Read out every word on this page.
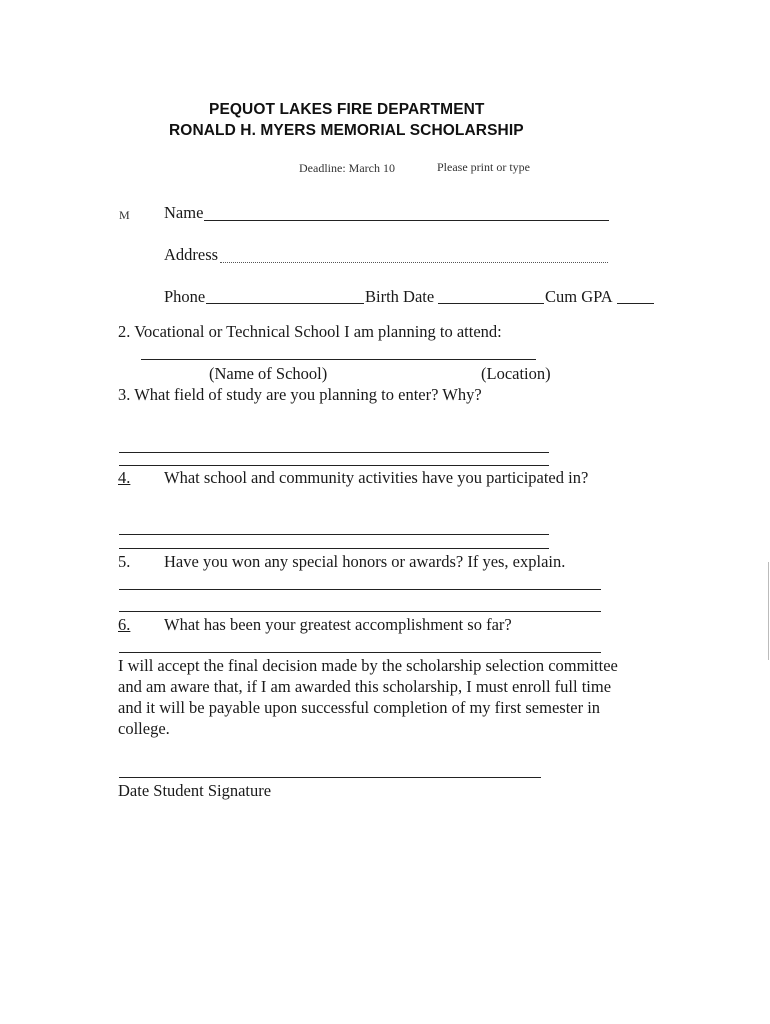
PEQUOT LAKES FIRE DEPARTMENT
RONALD H. MYERS MEMORIAL SCHOLARSHIP
Deadline: March 10	Please print or type
M Name
Address
Phone	Birth Date	Cum GPA
2. Vocational or Technical School I am planning to attend:
(Name of School)	(Location)
3. What field of study are you planning to enter? Why?
4. What school and community activities have you participated in?
5. Have you won any special honors or awards? If yes, explain.
6. What has been your greatest accomplishment so far?
I will accept the final decision made by the scholarship selection committee
and am aware that, if I am awarded this scholarship, I must enroll full time
and it will be payable upon successful completion of my first semester in
college.
Date Student Signature
